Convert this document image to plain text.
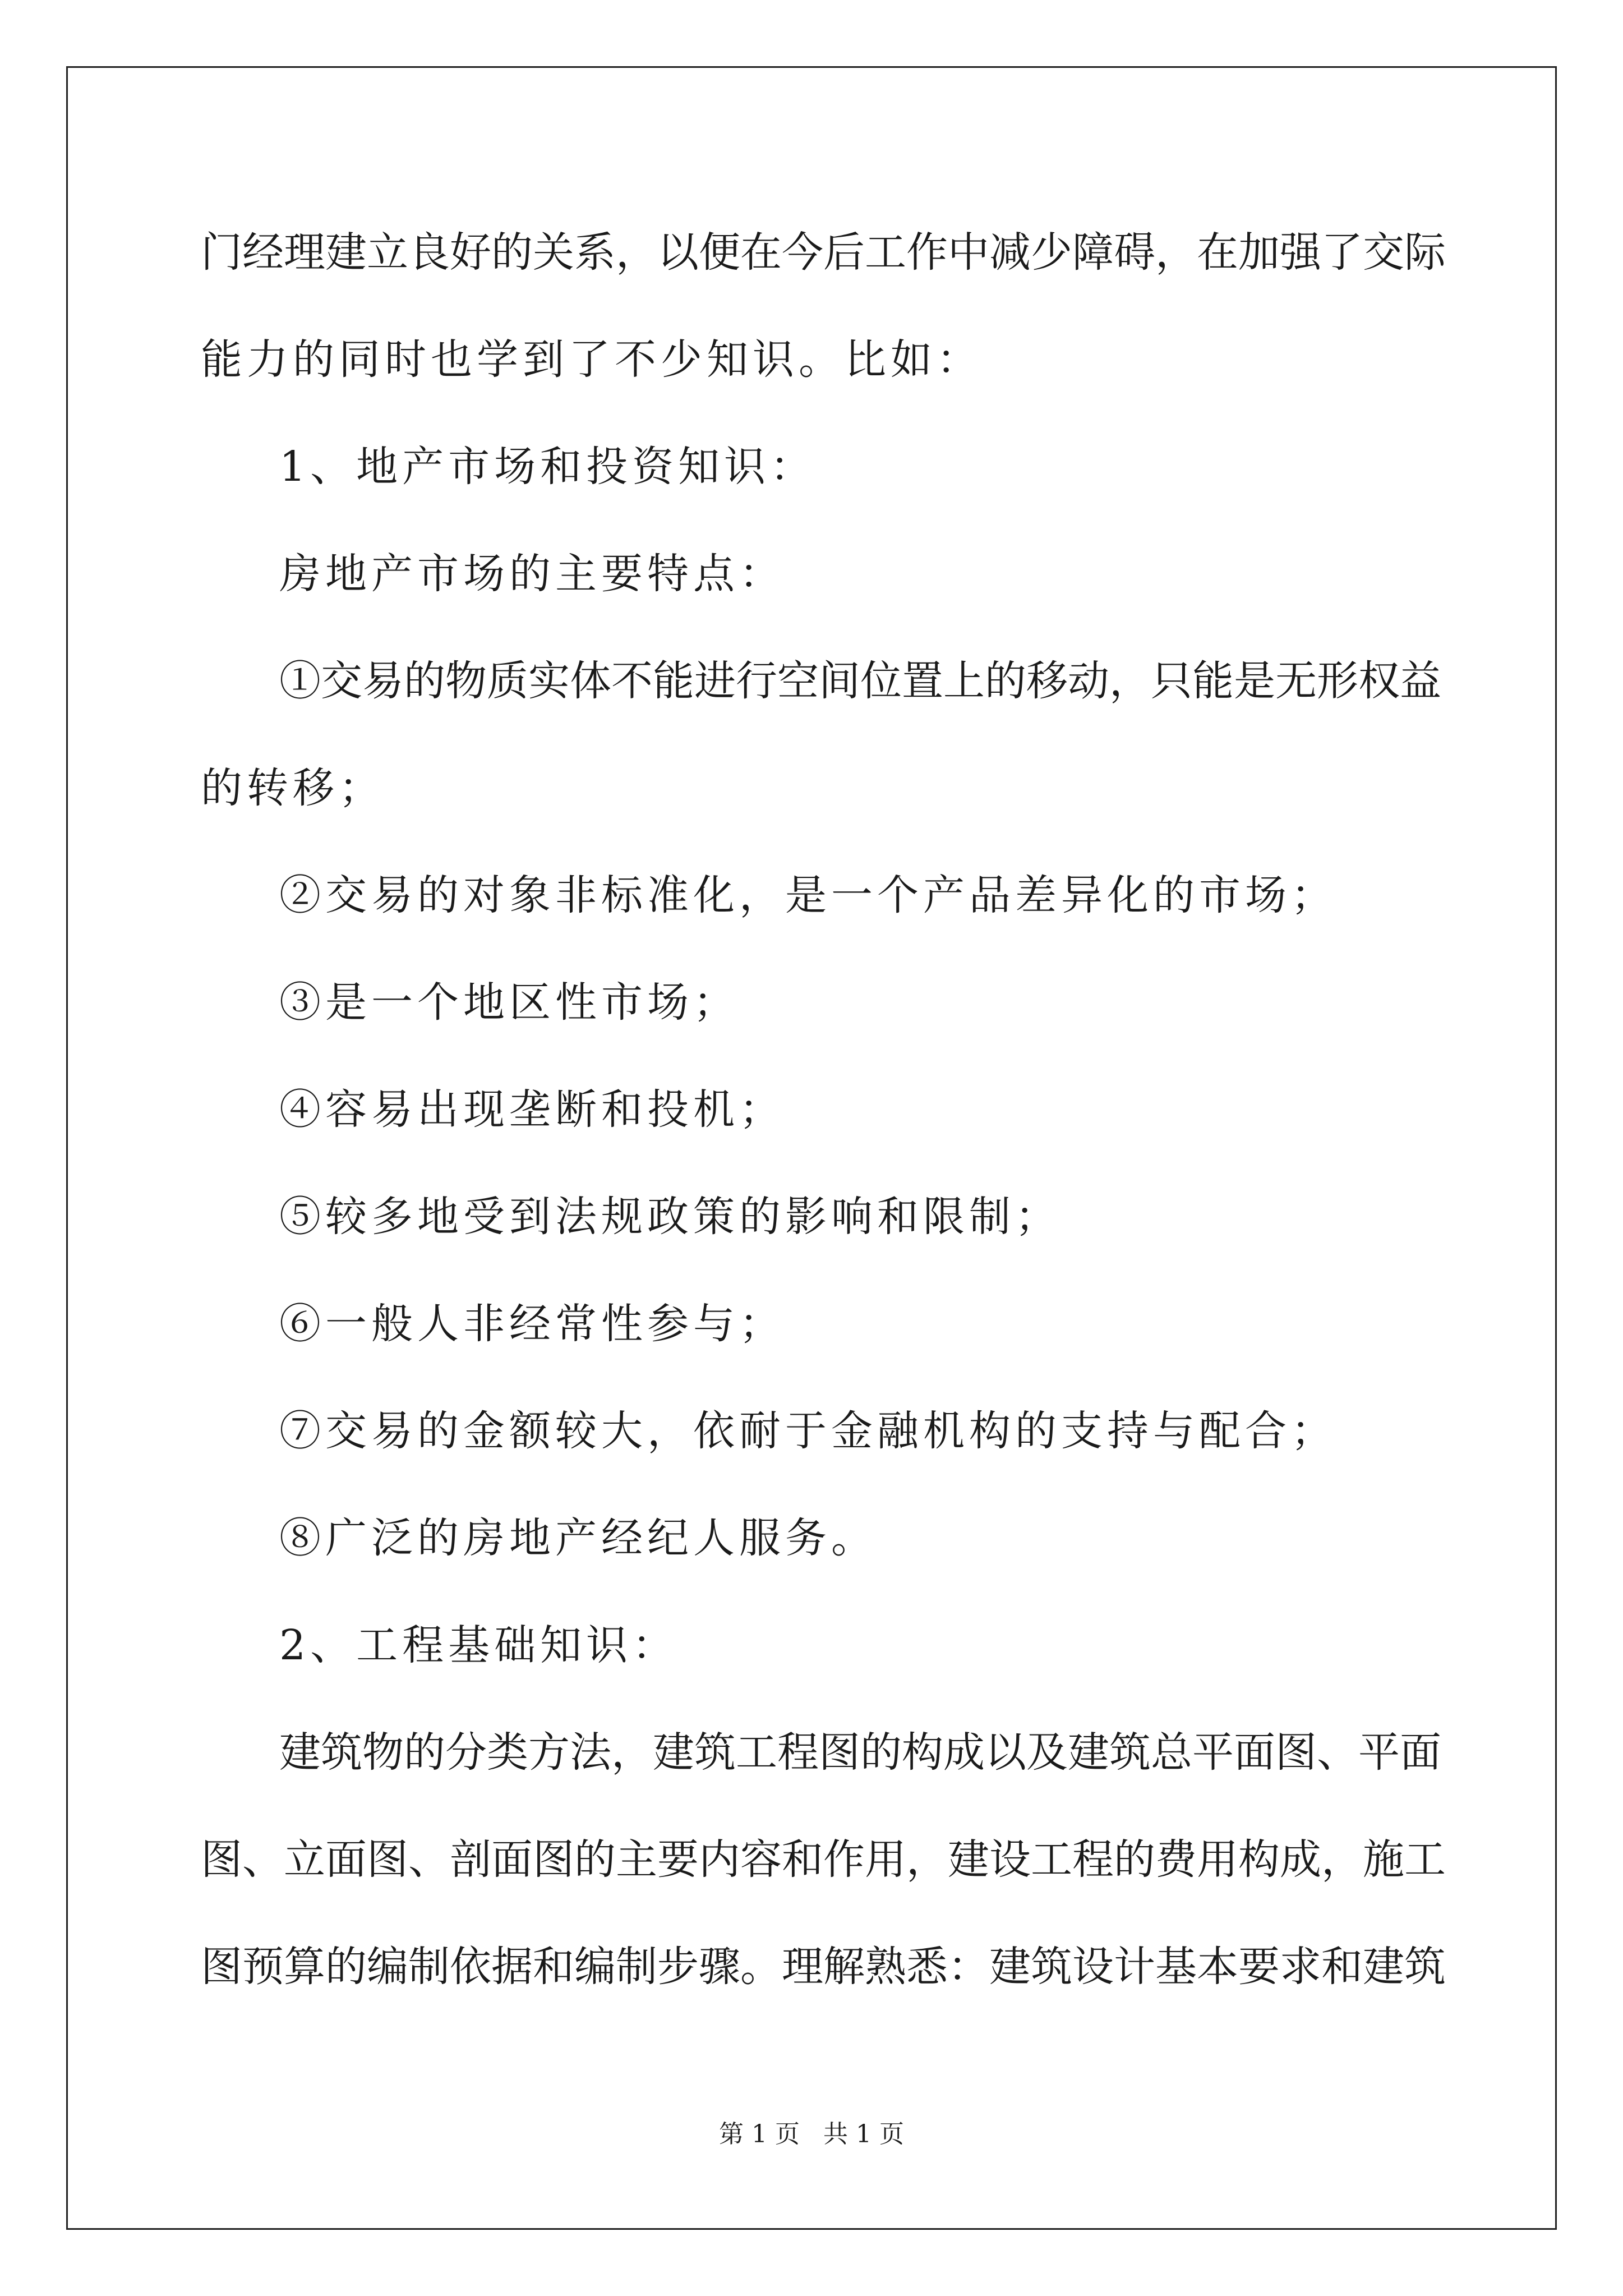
门经理建立良好的关系，以便在今后工作中减少障碍，在加强了交际
能力的同时也学到了不少知识。比如：
1、地产市场和投资知识：
房地产市场的主要特点：
①交易的物质实体不能进行空间位置上的移动，只能是无形权益
的转移；
②交易的对象非标准化，是一个产品差异化的市场；
③是一个地区性市场；
④容易出现垄断和投机；
⑤较多地受到法规政策的影响和限制；
⑥一般人非经常性参与；
⑦交易的金额较大，依耐于金融机构的支持与配合；
⑧广泛的房地产经纪人服务。
2、工程基础知识：
建筑物的分类方法，建筑工程图的构成以及建筑总平面图、平面
图、立面图、剖面图的主要内容和作用，建设工程的费用构成，施工
图预算的编制依据和编制步骤。理解熟悉：建筑设计基本要求和建筑
第 1 页   共 1 页
